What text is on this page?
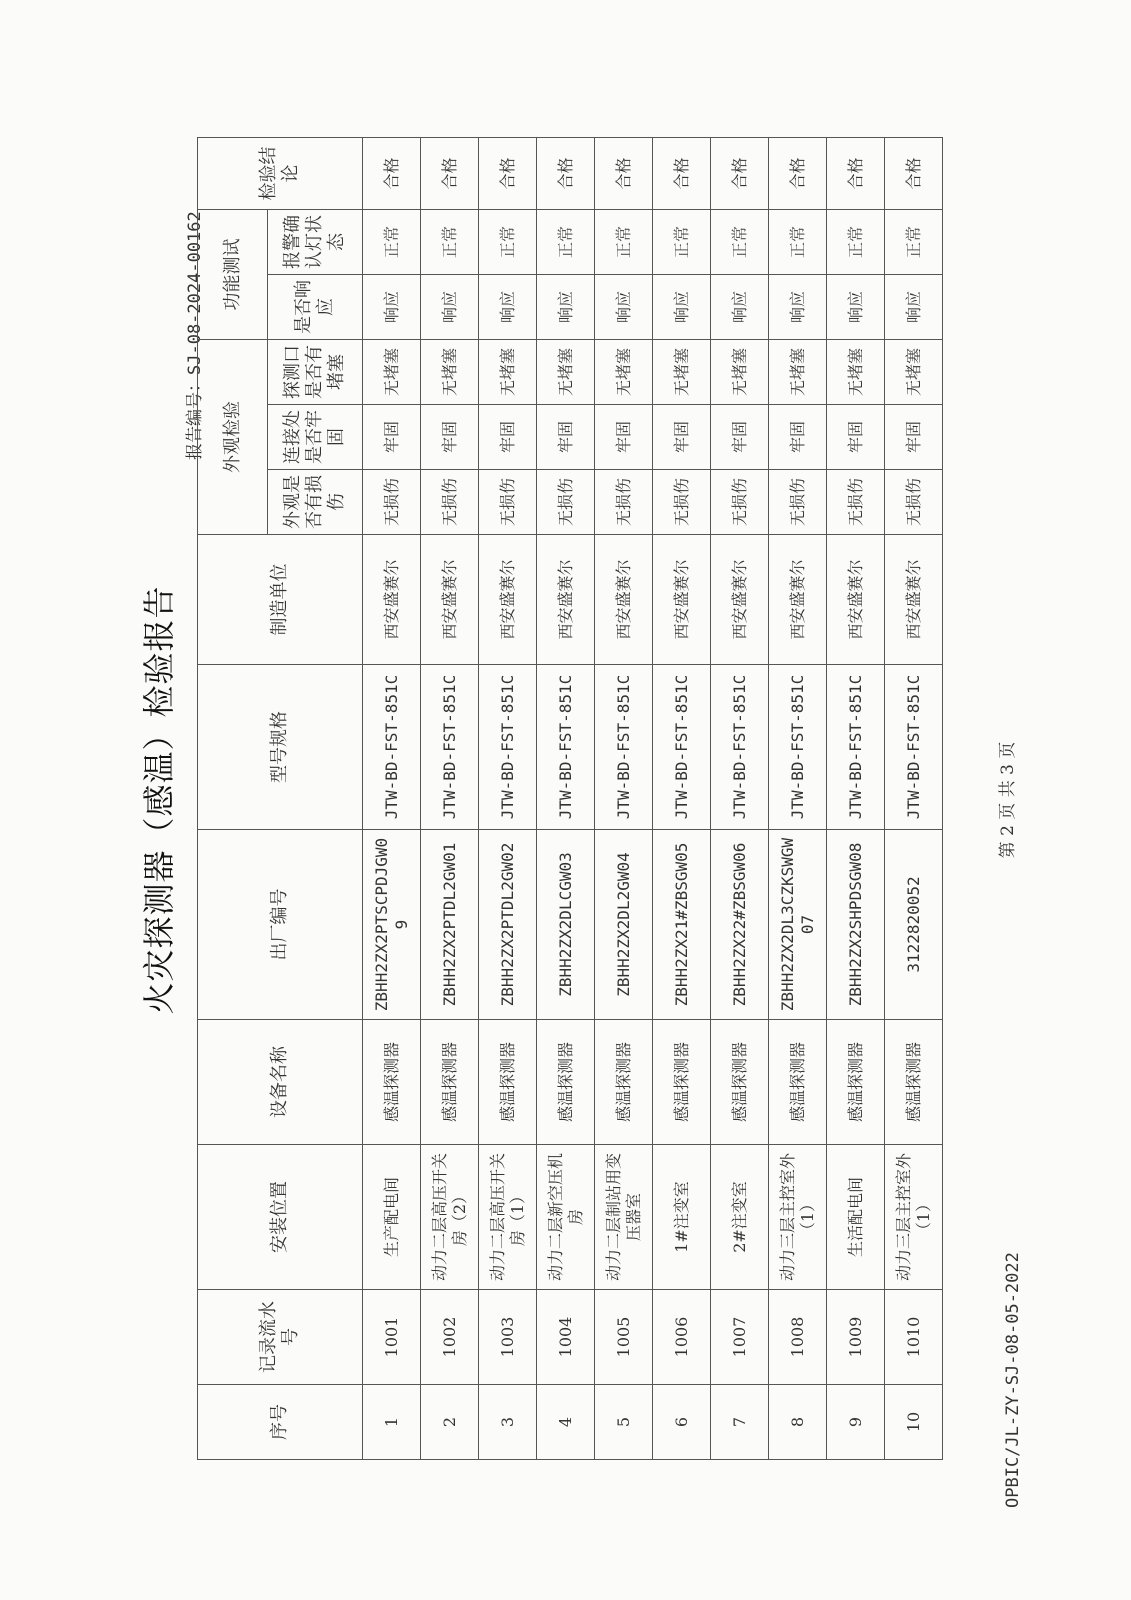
火灾探测器（感温）检验报告
报告编号：SJ-08-2024-00162
序号	记录流水号	安装位置	设备名称	出厂编号	型号规格	制造单位	外观检验			功能测试		检验结论
							外观是否有损伤	连接处是否牢固	探测口是否有堵塞	是否响应	报警确认灯状态	
1	1001	生产配电间	感温探测器	ZBHH2ZX2PTSCPDJGW09	JTW-BD-FST-851C	西安盛赛尔	无损伤	牢固	无堵塞	响应	正常	合格
2	1002	动力二层高压开关房（2）	感温探测器	ZBHH2ZX2PTDL2GW01	JTW-BD-FST-851C	西安盛赛尔	无损伤	牢固	无堵塞	响应	正常	合格
3	1003	动力二层高压开关房（1）	感温探测器	ZBHH2ZX2PTDL2GW02	JTW-BD-FST-851C	西安盛赛尔	无损伤	牢固	无堵塞	响应	正常	合格
4	1004	动力二层新空压机房	感温探测器	ZBHH2ZX2DLCGW03	JTW-BD-FST-851C	西安盛赛尔	无损伤	牢固	无堵塞	响应	正常	合格
5	1005	动力二层制站用变压器室	感温探测器	ZBHH2ZX2DL2GW04	JTW-BD-FST-851C	西安盛赛尔	无损伤	牢固	无堵塞	响应	正常	合格
6	1006	1#注变室	感温探测器	ZBHH2ZX21#ZBSGW05	JTW-BD-FST-851C	西安盛赛尔	无损伤	牢固	无堵塞	响应	正常	合格
7	1007	2#注变室	感温探测器	ZBHH2ZX22#ZBSGW06	JTW-BD-FST-851C	西安盛赛尔	无损伤	牢固	无堵塞	响应	正常	合格
8	1008	动力三层主控室外（1）	感温探测器	ZBHH2ZX2DL3CZKSWGW07	JTW-BD-FST-851C	西安盛赛尔	无损伤	牢固	无堵塞	响应	正常	合格
9	1009	生活配电间	感温探测器	ZBHH2ZX2SHPDSGW08	JTW-BD-FST-851C	西安盛赛尔	无损伤	牢固	无堵塞	响应	正常	合格
10	1010	动力三层主控室外（1）	感温探测器	3122820052	JTW-BD-FST-851C	西安盛赛尔	无损伤	牢固	无堵塞	响应	正常	合格
第 2 页 共 3 页
OPBIC/JL-ZY-SJ-08-05-2022
